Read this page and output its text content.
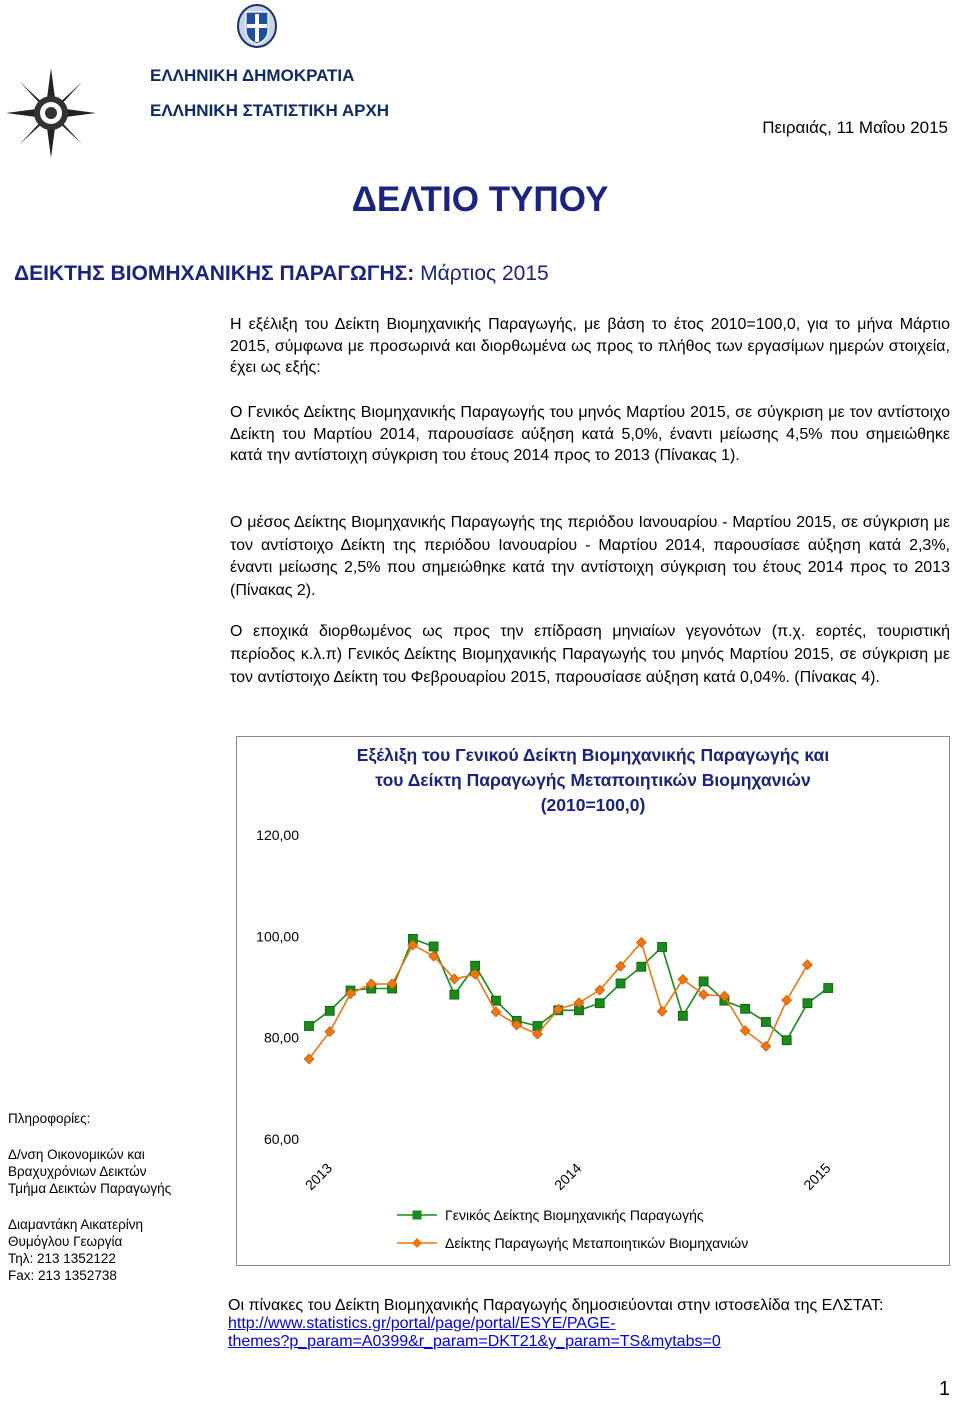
ΕΛΛΗΝΙΚΗ ΔΗΜΟΚΡΑΤΙΑ
ΕΛΛΗΝΙΚΗ ΣΤΑΤΙΣΤΙΚΗ ΑΡΧΗ
Πειραιάς, 11 Μαΐου 2015
ΔΕΛΤΙΟ ΤΥΠΟΥ
ΔΕΙΚΤΗΣ ΒΙΟΜΗΧΑΝΙΚΗΣ ΠΑΡΑΓΩΓΗΣ: Μάρτιος 2015
Η εξέλιξη του Δείκτη Βιομηχανικής Παραγωγής, με βάση το έτος 2010=100,0, για το μήνα Μάρτιο 2015, σύμφωνα με προσωρινά και διορθωμένα ως προς το πλήθος των εργασίμων ημερών στοιχεία, έχει ως εξής:
Ο Γενικός Δείκτης Βιομηχανικής Παραγωγής του μηνός Μαρτίου 2015, σε σύγκριση με τον αντίστοιχο Δείκτη του Μαρτίου 2014, παρουσίασε αύξηση κατά 5,0%, έναντι μείωσης 4,5% που σημειώθηκε κατά την αντίστοιχη σύγκριση του έτους 2014 προς το 2013 (Πίνακας 1).
Ο μέσος Δείκτης Βιομηχανικής Παραγωγής της περιόδου Ιανουαρίου - Μαρτίου 2015, σε σύγκριση με τον αντίστοιχο Δείκτη της περιόδου Ιανουαρίου - Μαρτίου 2014, παρουσίασε αύξηση κατά 2,3%, έναντι μείωσης 2,5% που σημειώθηκε κατά την αντίστοιχη σύγκριση του έτους 2014 προς το 2013 (Πίνακας 2).
Ο εποχικά διορθωμένος ως προς την επίδραση μηνιαίων γεγονότων (π.χ. εορτές, τουριστική περίοδος κ.λ.π) Γενικός Δείκτης Βιομηχανικής Παραγωγής του μηνός Μαρτίου 2015, σε σύγκριση με τον αντίστοιχο Δείκτη του Φεβρουαρίου 2015, παρουσίασε αύξηση κατά 0,04%. (Πίνακας 4).
Εξέλιξη του Γενικού Δείκτη Βιομηχανικής Παραγωγής και
του Δείκτη Παραγωγής Μεταποιητικών Βιομηχανιών
(2010=100,0)
120,00
100,00
80,00
60,00
2013	2014	2015
Γενικός Δείκτης Βιομηχανικής Παραγωγής
Δείκτης Παραγωγής Μεταποιητικών Βιομηχανιών
Πληροφορίες:
Δ/νση Οικονομικών και
Βραχυχρόνιων Δεικτών
Τμήμα Δεικτών Παραγωγής
Διαμαντάκη Αικατερίνη
Θυμόγλου Γεωργία
Τηλ: 213 1352122
Fax: 213 1352738
Οι πίνακες του Δείκτη Βιομηχανικής Παραγωγής δημοσιεύονται στην ιστοσελίδα της ΕΛΣΤΑΤ:
http://www.statistics.gr/portal/page/portal/ESYE/PAGE-
themes?p_param=A0399&r_param=DKT21&y_param=TS&mytabs=0
1
